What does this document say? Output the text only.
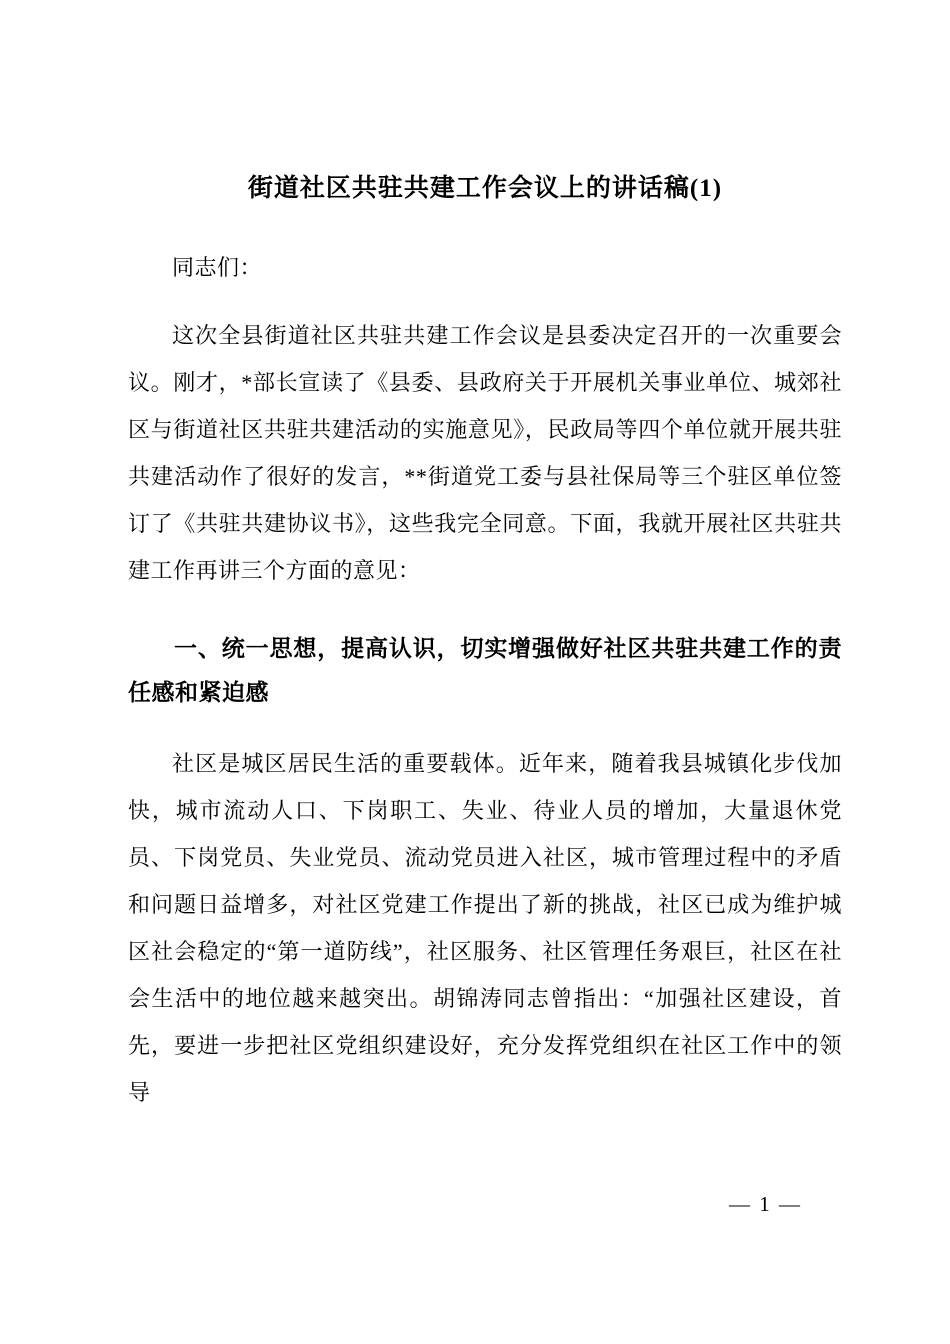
街道社区共驻共建工作会议上的讲话稿(1)

同志们：

这次全县街道社区共驻共建工作会议是县委决定召开的一次重要会议。刚才，*部长宣读了《县委、县政府关于开展机关事业单位、城郊社区与街道社区共驻共建活动的实施意见》，民政局等四个单位就开展共驻共建活动作了很好的发言，**街道党工委与县社保局等三个驻区单位签订了《共驻共建协议书》，这些我完全同意。下面，我就开展社区共驻共建工作再讲三个方面的意见：

一、统一思想，提高认识，切实增强做好社区共驻共建工作的责任感和紧迫感

社区是城区居民生活的重要载体。近年来，随着我县城镇化步伐加快，城市流动人口、下岗职工、失业、待业人员的增加，大量退休党员、下岗党员、失业党员、流动党员进入社区，城市管理过程中的矛盾和问题日益增多，对社区党建工作提出了新的挑战，社区已成为维护城区社会稳定的“第一道防线”，社区服务、社区管理任务艰巨，社区在社会生活中的地位越来越突出。胡锦涛同志曾指出：“加强社区建设，首先，要进一步把社区党组织建设好，充分发挥党组织在社区工作中的领导

— 1 —
